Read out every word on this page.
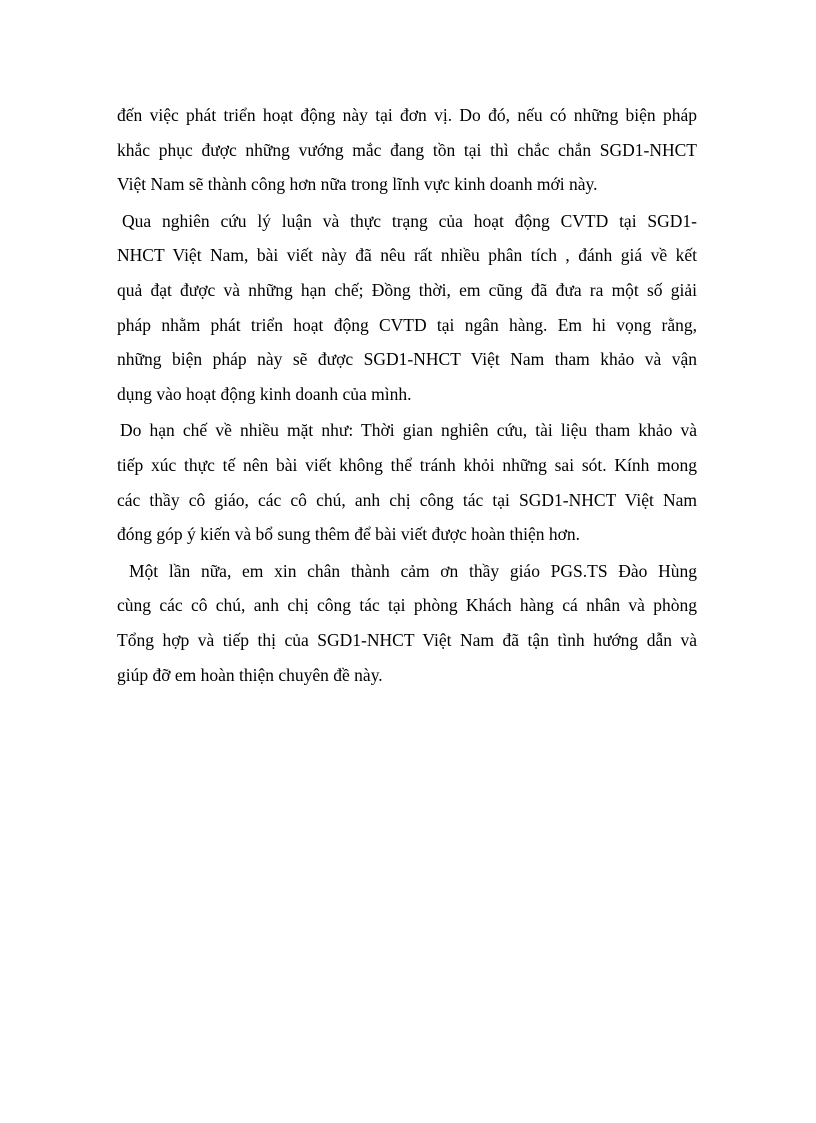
đến việc phát triển hoạt động này tại đơn vị. Do đó, nếu có những biện pháp
khắc phục được những vướng mắc đang tồn tại thì chắc chắn SGD1-NHCT
Việt Nam sẽ thành công hơn nữa trong lĩnh vực kinh doanh mới này.

Qua nghiên cứu lý luận và thực trạng của hoạt động CVTD tại SGD1-
NHCT Việt Nam, bài viết này đã nêu rất nhiều phân tích , đánh giá về kết
quả đạt được và những hạn chế; Đồng thời, em cũng đã đưa ra một số giải
pháp nhằm phát triển hoạt động CVTD tại ngân hàng. Em hi vọng rằng,
những biện pháp này sẽ được SGD1-NHCT Việt Nam tham khảo và vận
dụng vào hoạt động kinh doanh của mình.

Do hạn chế về nhiều mặt như: Thời gian nghiên cứu, tài liệu tham khảo và
tiếp xúc thực tế nên bài viết không thể tránh khỏi những sai sót. Kính mong
các thầy cô giáo, các cô chú, anh chị công tác tại SGD1-NHCT Việt Nam
đóng góp ý kiến và bổ sung thêm để bài viết được hoàn thiện hơn.

Một lần nữa, em xin chân thành cảm ơn thầy giáo PGS.TS Đào Hùng
cùng các cô chú, anh chị công tác tại phòng Khách hàng cá nhân và phòng
Tổng hợp và tiếp thị của SGD1-NHCT Việt Nam đã tận tình hướng dẫn và
giúp đỡ em hoàn thiện chuyên đề này.
